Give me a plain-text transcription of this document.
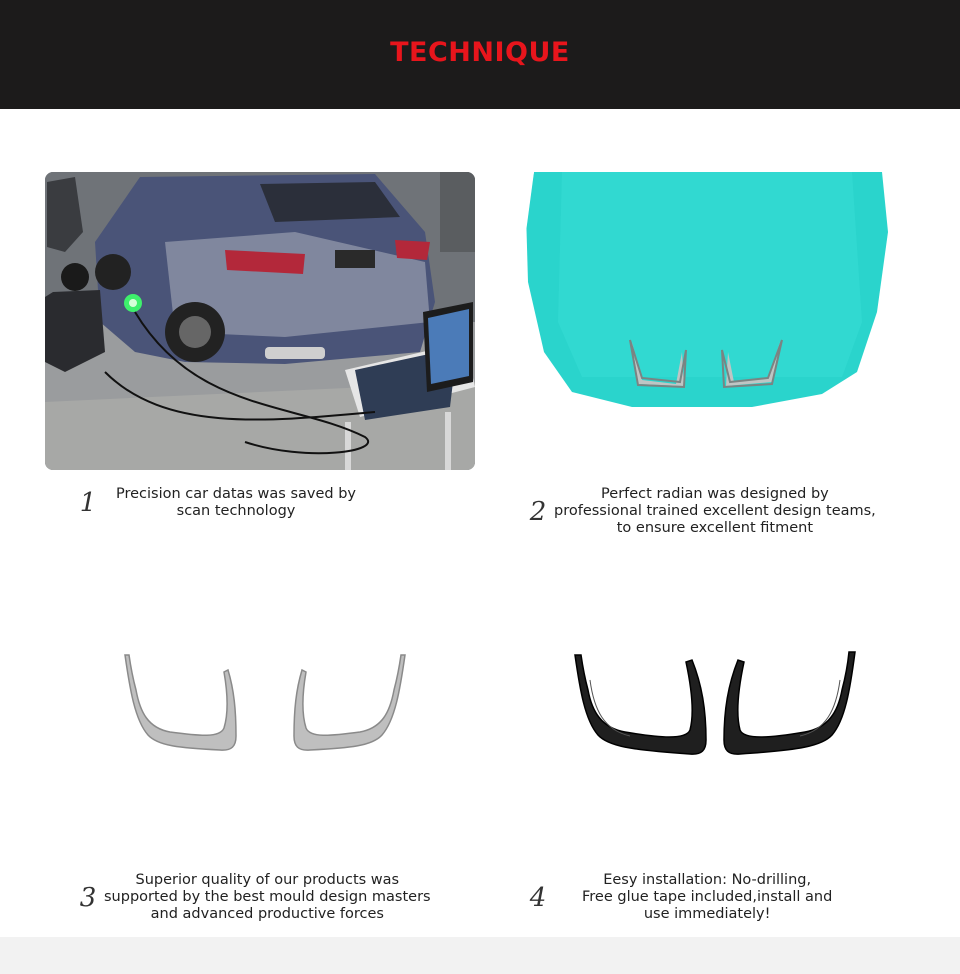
TECHNIQUE
1	Precision car datas was saved by
scan technology	2
Perfect radian was designed by
professional trained excellent design teams,
to ensure excellent fitment
3
Superior quality of our products was
supported by the best mould design masters
and advanced productive forces
4
Eesy installation: No-drilling,
Free glue tape included,install and
use immediately!
